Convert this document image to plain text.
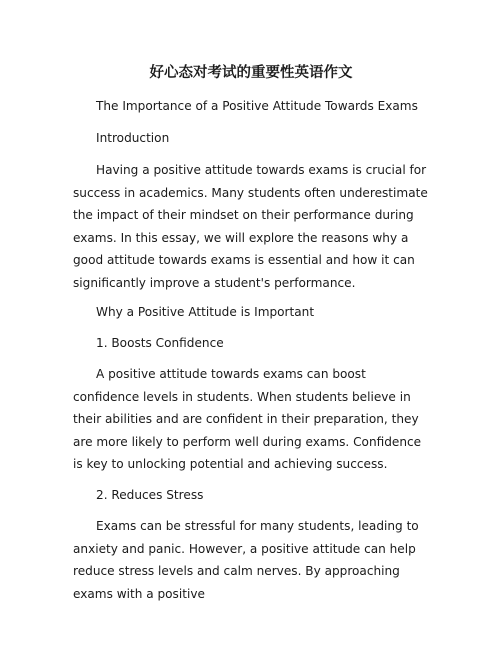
好心态对考试的重要性英语作文

The Importance of a Positive Attitude Towards Exams

Introduction

Having a positive attitude towards exams is crucial for success in academics. Many students often underestimate the impact of their mindset on their performance during exams. In this essay, we will explore the reasons why a good attitude towards exams is essential and how it can significantly improve a student's performance.

Why a Positive Attitude is Important

1. Boosts Confidence

A positive attitude towards exams can boost confidence levels in students. When students believe in their abilities and are confident in their preparation, they are more likely to perform well during exams. Confidence is key to unlocking potential and achieving success.

2. Reduces Stress

Exams can be stressful for many students, leading to anxiety and panic. However, a positive attitude can help reduce stress levels and calm nerves. By approaching exams with a positive
